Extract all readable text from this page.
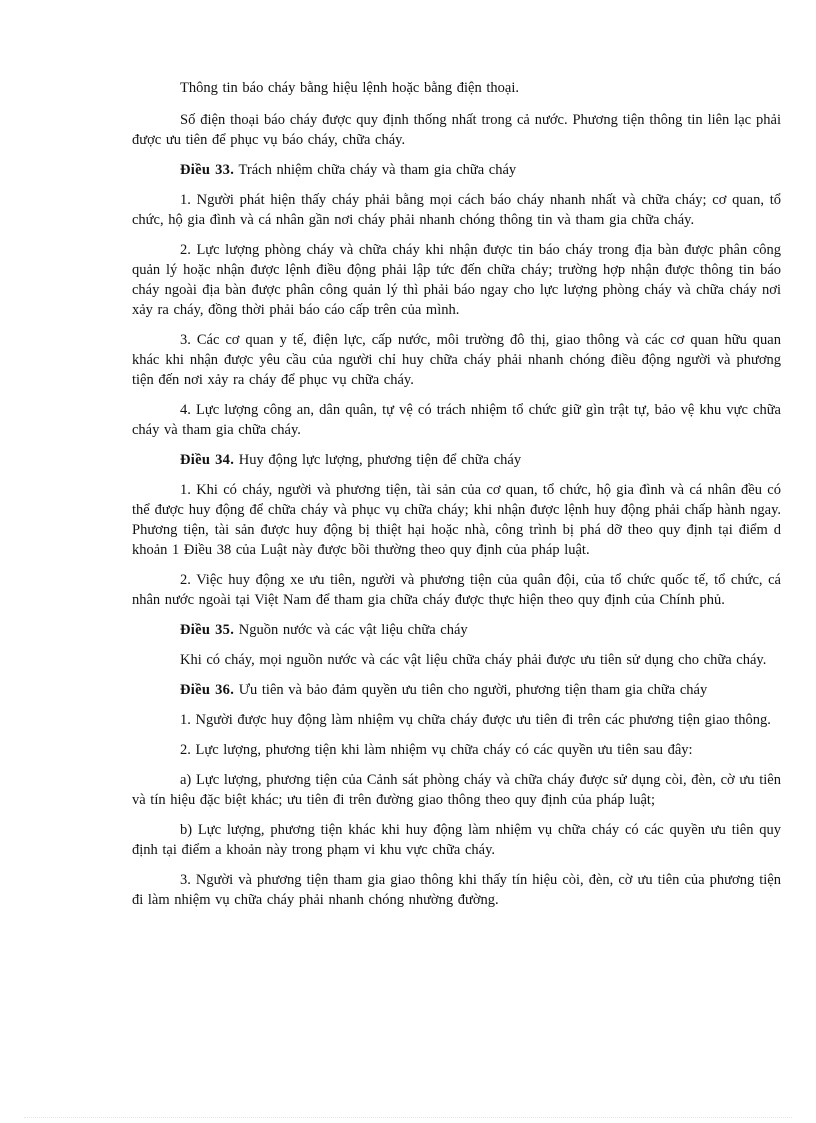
Thông tin báo cháy bằng hiệu lệnh hoặc bằng điện thoại.

Số điện thoại báo cháy được quy định thống nhất trong cả nước. Phương tiện thông tin liên lạc phải được ưu tiên để phục vụ báo cháy, chữa cháy.

Điều 33. Trách nhiệm chữa cháy và tham gia chữa cháy

1. Người phát hiện thấy cháy phải bằng mọi cách báo cháy nhanh nhất và chữa cháy; cơ quan, tổ chức, hộ gia đình và cá nhân gần nơi cháy phải nhanh chóng thông tin và tham gia chữa cháy.

2. Lực lượng phòng cháy và chữa cháy khi nhận được tin báo cháy trong địa bàn được phân công quản lý hoặc nhận được lệnh điều động phải lập tức đến chữa cháy; trường hợp nhận được thông tin báo cháy ngoài địa bàn được phân công quản lý thì phải báo ngay cho lực lượng phòng cháy và chữa cháy nơi xảy ra cháy, đồng thời phải báo cáo cấp trên của mình.

3. Các cơ quan y tế, điện lực, cấp nước, môi trường đô thị, giao thông và các cơ quan hữu quan khác khi nhận được yêu cầu của người chỉ huy chữa cháy phải nhanh chóng điều động người và phương tiện đến nơi xảy ra cháy để phục vụ chữa cháy.

4. Lực lượng công an, dân quân, tự vệ có trách nhiệm tổ chức giữ gìn trật tự, bảo vệ khu vực chữa cháy và tham gia chữa cháy.

Điều 34. Huy động lực lượng, phương tiện để chữa cháy

1. Khi có cháy, người và phương tiện, tài sản của cơ quan, tổ chức, hộ gia đình và cá nhân đều có thể được huy động để chữa cháy và phục vụ chữa cháy; khi nhận được lệnh huy động phải chấp hành ngay. Phương tiện, tài sản được huy động bị thiệt hại hoặc nhà, công trình bị phá dỡ theo quy định tại điểm d khoản 1 Điều 38 của Luật này được bồi thường theo quy định của pháp luật.

2. Việc huy động xe ưu tiên, người và phương tiện của quân đội, của tổ chức quốc tế, tổ chức, cá nhân nước ngoài tại Việt Nam để tham gia chữa cháy được thực hiện theo quy định của Chính phủ.

Điều 35. Nguồn nước và các vật liệu chữa cháy

Khi có cháy, mọi nguồn nước và các vật liệu chữa cháy phải được ưu tiên sử dụng cho chữa cháy.

Điều 36. Ưu tiên và bảo đảm quyền ưu tiên cho người, phương tiện tham gia chữa cháy

1. Người được huy động làm nhiệm vụ chữa cháy được ưu tiên đi trên các phương tiện giao thông.

2. Lực lượng, phương tiện khi làm nhiệm vụ chữa cháy có các quyền ưu tiên sau đây:

a) Lực lượng, phương tiện của Cảnh sát phòng cháy và chữa cháy được sử dụng còi, đèn, cờ ưu tiên và tín hiệu đặc biệt khác; ưu tiên đi trên đường giao thông theo quy định của pháp luật;

b) Lực lượng, phương tiện khác khi huy động làm nhiệm vụ chữa cháy có các quyền ưu tiên quy định tại điểm a khoản này trong phạm vi khu vực chữa cháy.

3. Người và phương tiện tham gia giao thông khi thấy tín hiệu còi, đèn, cờ ưu tiên của phương tiện đi làm nhiệm vụ chữa cháy phải nhanh chóng nhường đường.
